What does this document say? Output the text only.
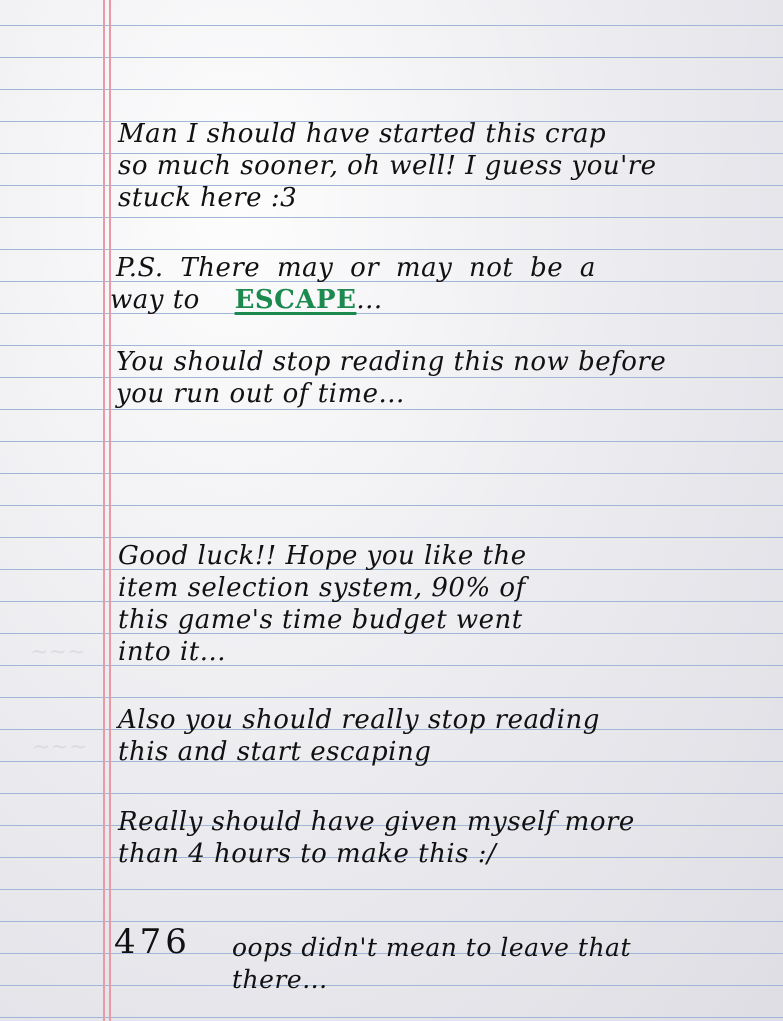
~~~
~~~
Man I should have started this crap
so much sooner, oh well! I guess you're
stuck here :3
P.S. There may or may not be a
way to ESCAPE...
You should stop reading this now before
you run out of time...
Good luck!! Hope you like the
item selection system, 90% of
this game's time budget went
into it...
Also you should really stop reading
this and start escaping
Really should have given myself more
than 4 hours to make this :/
476 oops didn't mean to leave that
there...
